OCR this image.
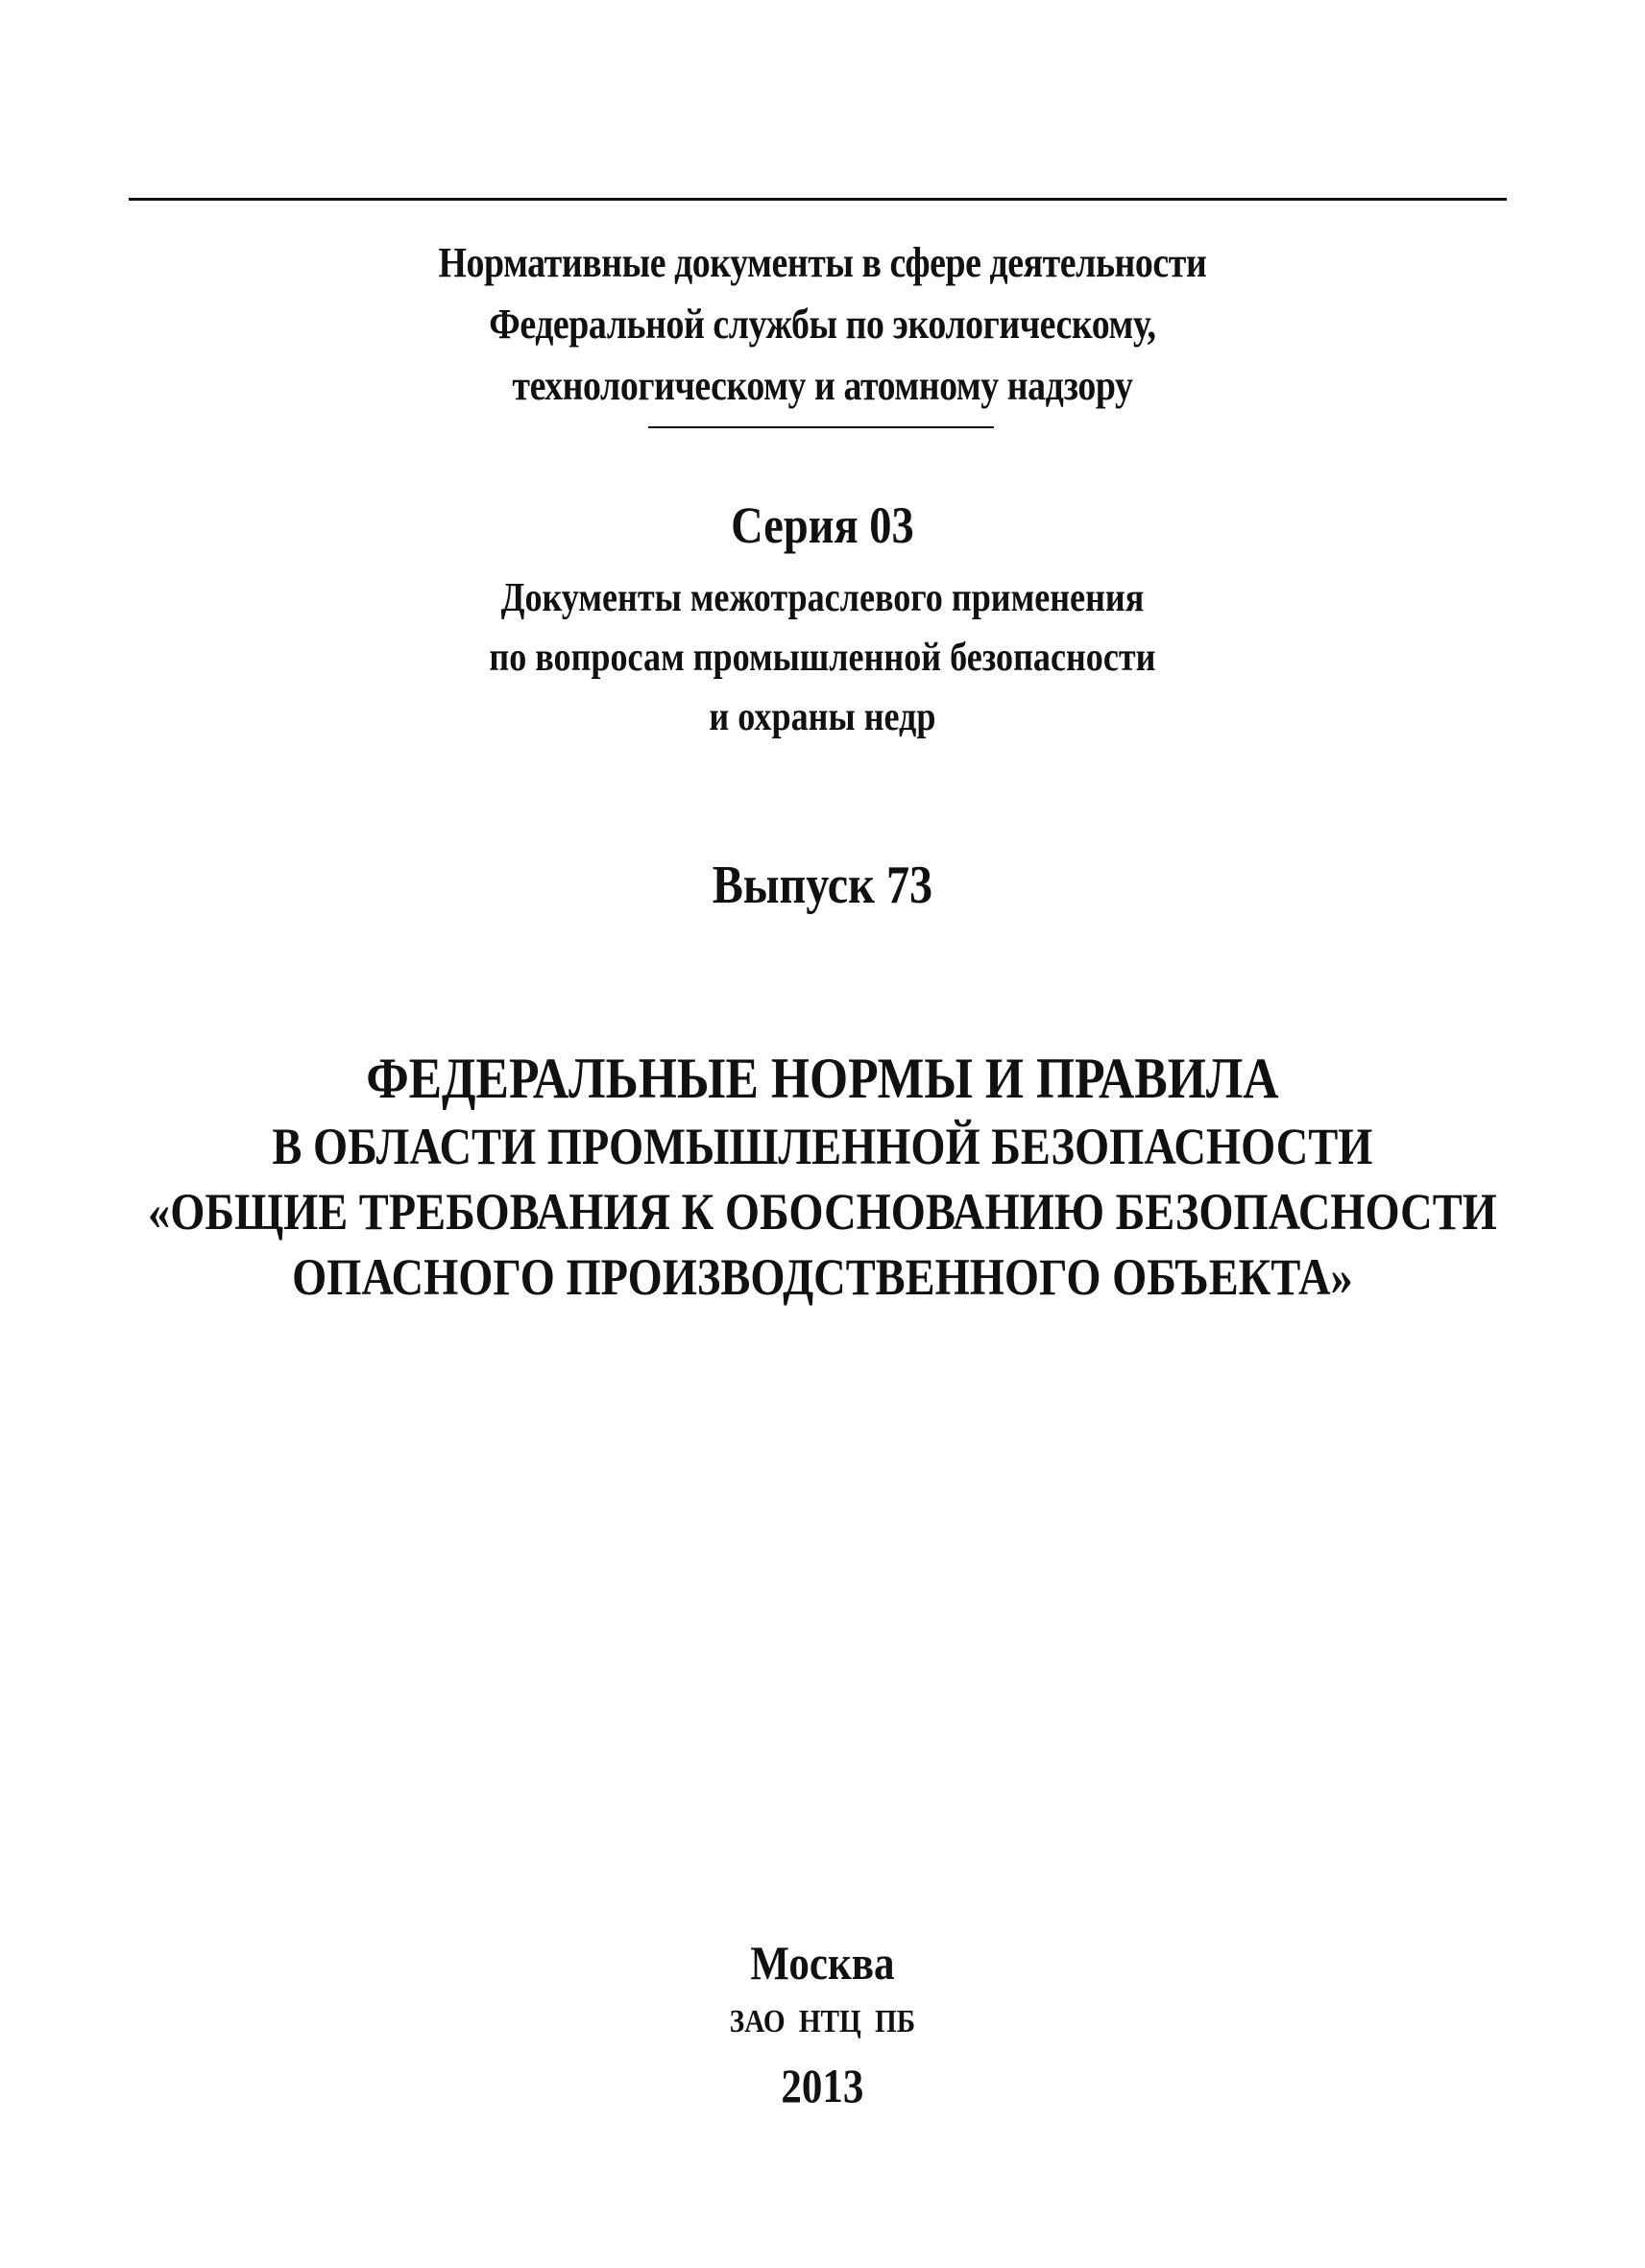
Нормативные документы в сфере деятельности
Федеральной службы по экологическому,
технологическому и атомному надзору
Серия 03
Документы межотраслевого применения
по вопросам промышленной безопасности
и охраны недр
Выпуск 73
ФЕДЕРАЛЬНЫЕ НОРМЫ И ПРАВИЛА
В ОБЛАСТИ ПРОМЫШЛЕННОЙ БЕЗОПАСНОСТИ
«ОБЩИЕ ТРЕБОВАНИЯ К ОБОСНОВАНИЮ БЕЗОПАСНОСТИ
ОПАСНОГО ПРОИЗВОДСТВЕННОГО ОБЪЕКТА»
Москва
ЗАО НТЦ ПБ
2013
